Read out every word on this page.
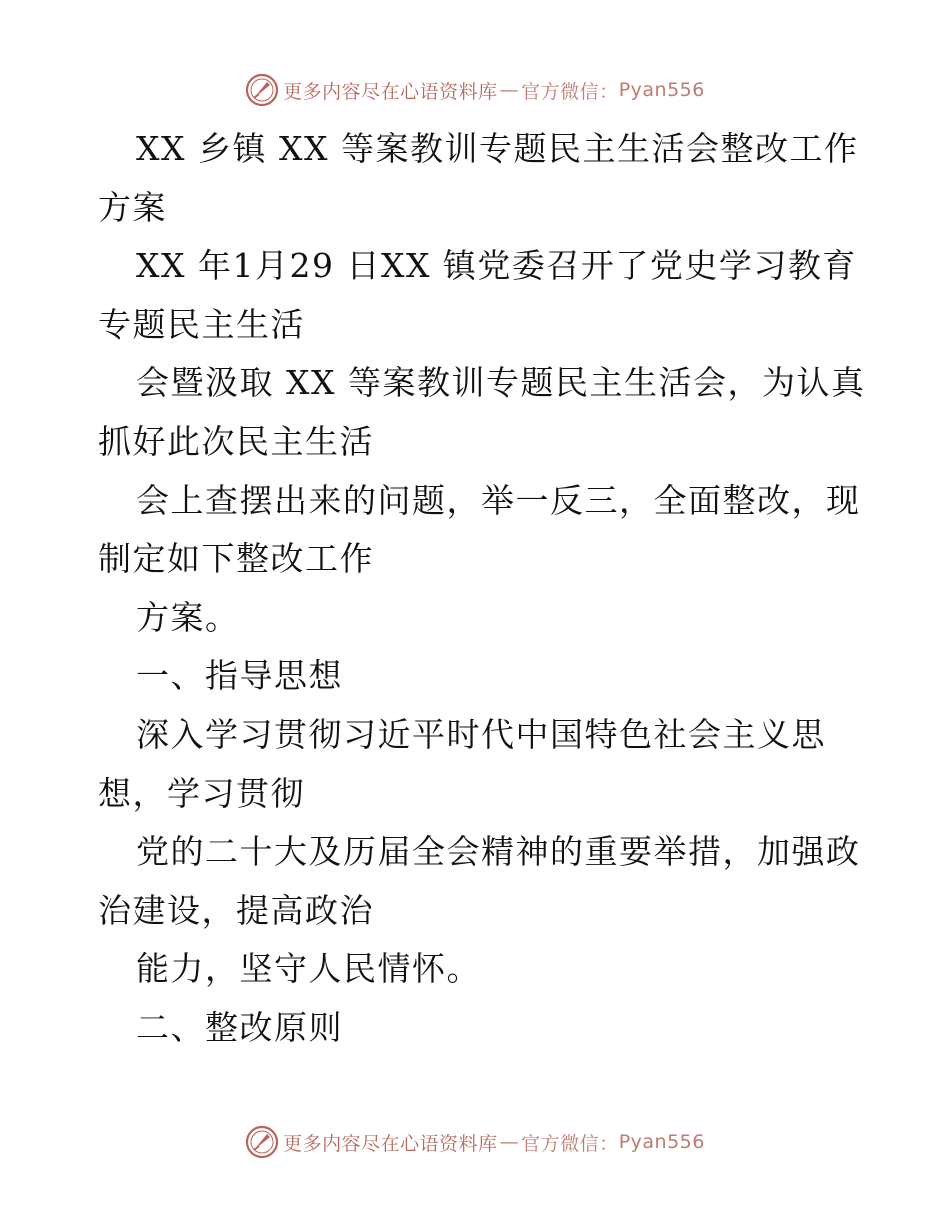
更多内容尽在心语资料库 — 官方微信： Pyan556
XX 乡镇 XX 等案教训专题民主生活会整改工作
方案
XX 年1月29 日XX 镇党委召开了党史学习教育
专题民主生活
会暨汲取 XX 等案教训专题民主生活会，为认真
抓好此次民主生活
会上查摆出来的问题，举一反三，全面整改，现
制定如下整改工作
方案。
一、指导思想
深入学习贯彻习近平时代中国特色社会主义思
想，学习贯彻
党的二十大及历届全会精神的重要举措，加强政
治建设，提高政治
能力，坚守人民情怀。
二、整改原则
更多内容尽在心语资料库 — 官方微信： Pyan556
